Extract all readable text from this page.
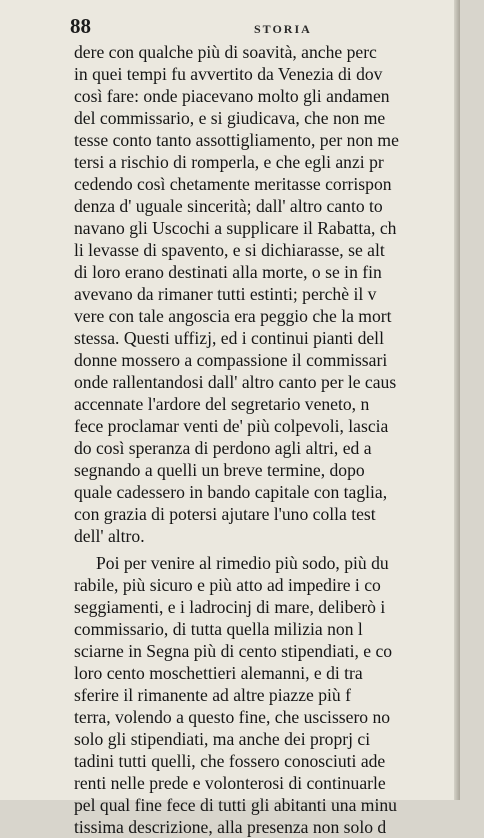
88	STORIA
dere con qualche più di soavità, anche perc
in quei tempi fu avvertito da Venezia di dov
così fare: onde piacevano molto gli andamen
del commissario, e si giudicava, che non me
tesse conto tanto assottigliamento, per non me
tersi a rischio di romperla, e che egli anzi pr
cedendo così chetamente meritasse corrispon
denza d' uguale sincerità; dall' altro canto to
navano gli Uscochi a supplicare il Rabatta, ch
li levasse di spavento, e si dichiarasse, se alt
di loro erano destinati alla morte, o se in fin
avevano da rimaner tutti estinti; perchè il v
vere con tale angoscia era peggio che la mort
stessa. Questi uffizj, ed i continui pianti dell
donne mossero a compassione il commissari
onde rallentandosi dall' altro canto per le caus
accennate l'ardore del segretario veneto, n
fece proclamar venti de' più colpevoli, lascia
do così speranza di perdono agli altri, ed a
segnando a quelli un breve termine, dopo
quale cadessero in bando capitale con taglia,
con grazia di potersi ajutare l'uno colla test
dell' altro.
Poi per venire al rimedio più sodo, più du
rabile, più sicuro e più atto ad impedire i co
seggiamenti, e i ladrocinj di mare, deliberò i
commissario, di tutta quella milizia non l
sciarne in Segna più di cento stipendiati, e co
loro cento moschettieri alemanni, e di tra
sferire il rimanente ad altre piazze più f
terra, volendo a questo fine, che uscissero no
solo gli stipendiati, ma anche dei proprj ci
tadini tutti quelli, che fossero conosciuti ade
renti nelle prede e volonterosi di continuarle
pel qual fine fece di tutti gli abitanti una minu
tissima descrizione, alla presenza non solo d
